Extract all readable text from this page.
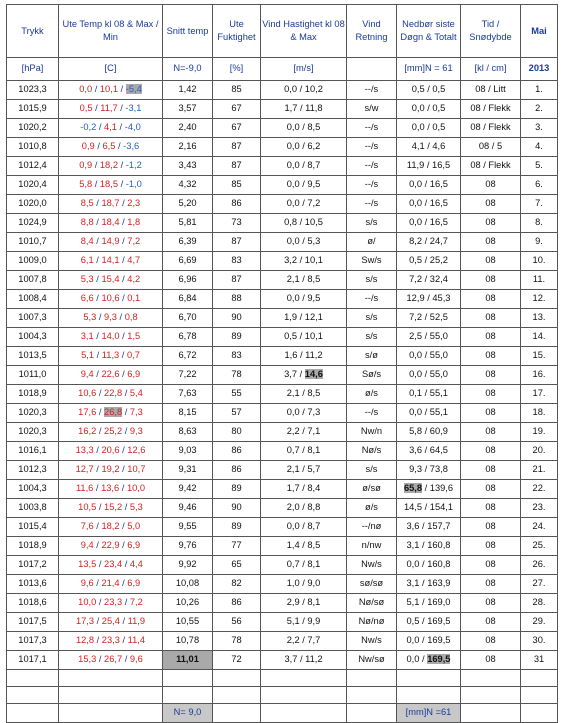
Trykk	Ute Temp kl 08 & Max / Min	Snitt temp	Ute Fuktighet	Vind Hastighet kl 08 & Max	Vind Retning	Nedbør siste Døgn & Totalt	Tid / Snødybde	Mai
[hPa]	[C]	N=-9,0	[%]	[m/s]		[mm]N = 61	[kl / cm]	2013
1023,3	0,0 / 10,1 / -5,4	1,42	85	0,0 / 10,2	--/s	0,5 / 0,5	08 / Litt	1.
1015,9	0,5 / 11,7 / -3,1	3,57	67	1,7 / 11,8	s/w	0,0 / 0,5	08 / Flekk	2.
1020,2	-0,2 / 4,1 / -4,0	2,40	67	0,0 / 8,5	--/s	0,0 / 0,5	08 / Flekk	3.
1010,8	0,9 / 6,5 / -3,6	2,16	87	0,0 / 6,2	--/s	4,1 / 4,6	08 / 5	4.
1012,4	0,9 / 18,2 / -1,2	3,43	87	0,0 / 8,7	--/s	11,9 / 16,5	08 / Flekk	5.
1020,4	5,8 / 18,5 / -1,0	4,32	85	0,0 / 9,5	--/s	0,0 / 16,5	08	6.
1020,0	8,5 / 18,7 / 2,3	5,20	86	0,0 / 7,2	--/s	0,0 / 16,5	08	7.
1024,9	8,8 / 18,4 / 1,8	5,81	73	0,8 / 10,5	s/s	0,0 / 16,5	08	8.
1010,7	8,4 / 14,9 / 7,2	6,39	87	0,0 / 5,3	ø/	8,2 / 24,7	08	9.
1009,0	6,1 / 14,1 / 4,7	6,69	83	3,2 / 10,1	Sw/s	0,5 / 25,2	08	10.
1007,8	5,3 / 15,4 / 4,2	6,96	87	2,1 / 8,5	s/s	7,2 / 32,4	08	11.
1008,4	6,6 / 10,6 / 0,1	6,84	88	0,0 / 9,5	--/s	12,9 / 45,3	08	12.
1007,3	5,3 / 9,3 / 0,8	6,70	90	1,9 / 12,1	s/s	7,2 / 52,5	08	13.
1004,3	3,1 / 14,0 / 1,5	6,78	89	0,5 / 10,1	s/s	2,5 / 55,0	08	14.
1013,5	5,1 / 11,3 / 0,7	6,72	83	1,6 / 11,2	s/ø	0,0 / 55,0	08	15.
1011,0	9,4 / 22,6 / 6,9	7,22	78	3,7 / 14,6	Sø/s	0,0 / 55,0	08	16.
1018,9	10,6 / 22,8 / 5,4	7,63	55	2,1 / 8,5	ø/s	0,1 / 55,1	08	17.
1020,3	17,6 / 26,8 / 7,3	8,15	57	0,0 / 7,3	--/s	0,0 / 55,1	08	18.
1020,3	16,2 / 25,2 / 9,3	8,63	80	2,2 / 7,1	Nw/n	5,8 / 60,9	08	19.
1016,1	13,3 / 20,6 / 12,6	9,03	86	0,7 / 8,1	Nø/s	3,6 / 64,5	08	20.
1012,3	12,7 / 19,2 / 10,7	9,31	86	2,1 / 5,7	s/s	9,3 / 73,8	08	21.
1004,3	11,6 / 13,6 / 10,0	9,42	89	1,7 / 8,4	ø/sø	65,8 / 139,6	08	22.
1003,8	10,5 / 15,2 / 5,3	9,46	90	2,0 / 8,8	ø/s	14,5 / 154,1	08	23.
1015,4	7,6 / 18,2 / 5,0	9,55	89	0,0 / 8,7	--/nø	3,6 / 157,7	08	24.
1018,9	9,4 / 22,9 / 6,9	9,76	77	1,4 / 8,5	n/nw	3,1 / 160,8	08	25.
1017,2	13,5 / 23,4 / 4,4	9,92	65	0,7 / 8,1	Nw/s	0,0 / 160,8	08	26.
1013,6	9,6 / 21,4 / 6,9	10,08	82	1,0 / 9,0	sø/sø	3,1 / 163,9	08	27.
1018,6	10,0 / 23,3 / 7,2	10,26	86	2,9 / 8,1	Nø/sø	5,1 / 169,0	08	28.
1017,5	17,3 / 25,4 / 11,9	10,55	56	5,1 / 9,9	Nø/nø	0,5 / 169,5	08	29.
1017,3	12,8 / 23,3 / 11,4	10,78	78	2,2 / 7,7	Nw/s	0,0 / 169,5	08	30.
1017,1	15,3 / 26,7 / 9,6	11,01	72	3,7 / 11,2	Nw/sø	0,0 / 169,5	08	31

		N= 9,0				[mm]N =61		
